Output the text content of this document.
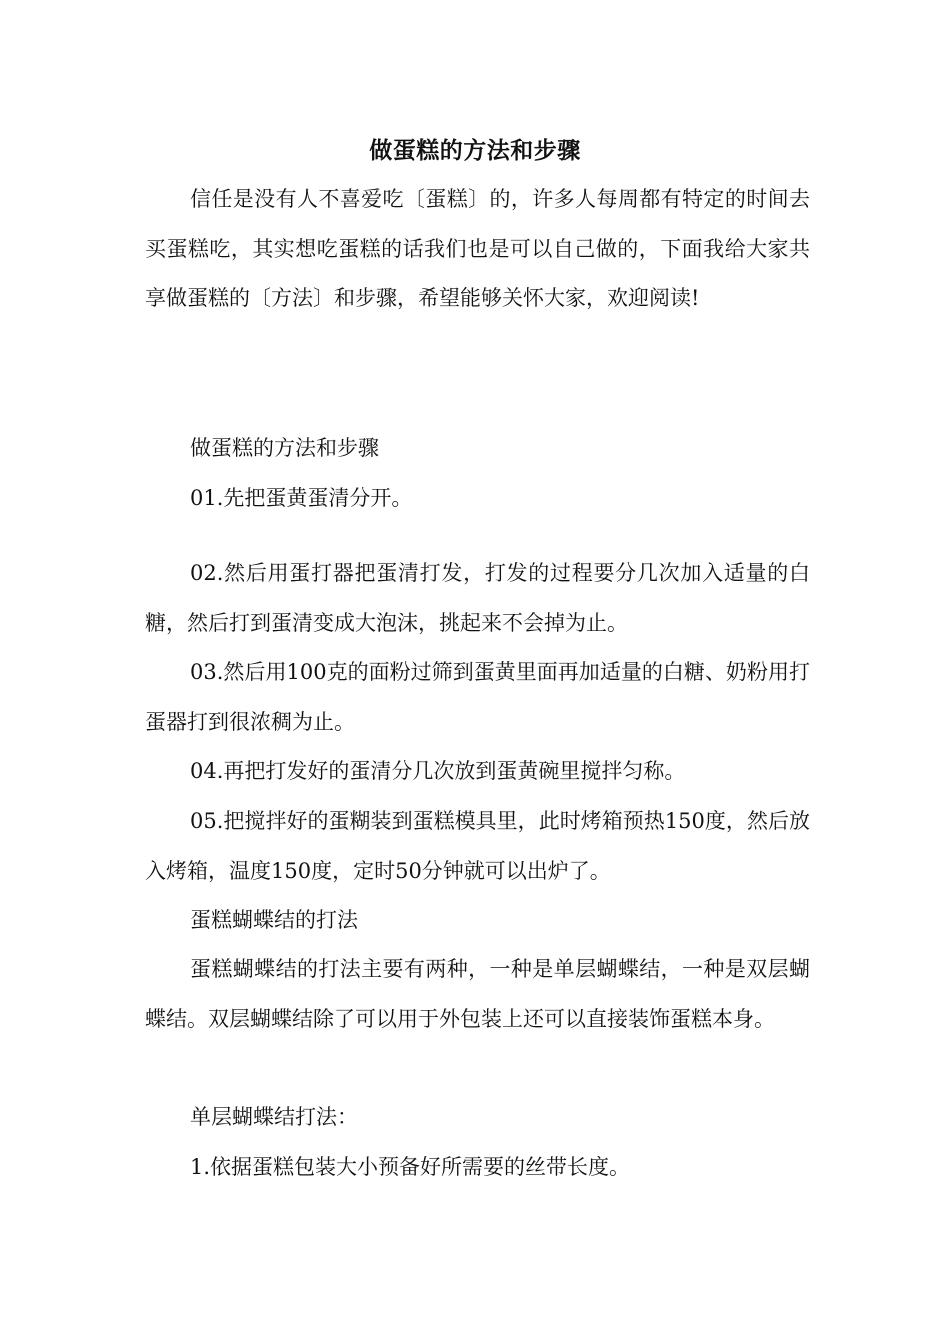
做蛋糕的方法和步骤

信任是没有人不喜爱吃〔蛋糕〕的，许多人每周都有特定的时间去买蛋糕吃，其实想吃蛋糕的话我们也是可以自己做的，下面我给大家共享做蛋糕的〔方法〕和步骤，希望能够关怀大家，欢迎阅读!

做蛋糕的方法和步骤

01.先把蛋黄蛋清分开。

02.然后用蛋打器把蛋清打发，打发的过程要分几次加入适量的白糖，然后打到蛋清变成大泡沫，挑起来不会掉为止。

03.然后用100克的面粉过筛到蛋黄里面再加适量的白糖、奶粉用打蛋器打到很浓稠为止。

04.再把打发好的蛋清分几次放到蛋黄碗里搅拌匀称。

05.把搅拌好的蛋糊装到蛋糕模具里，此时烤箱预热150度，然后放入烤箱，温度150度，定时50分钟就可以出炉了。

蛋糕蝴蝶结的打法

蛋糕蝴蝶结的打法主要有两种，一种是单层蝴蝶结，一种是双层蝴蝶结。双层蝴蝶结除了可以用于外包装上还可以直接装饰蛋糕本身。

单层蝴蝶结打法：

1.依据蛋糕包装大小预备好所需要的丝带长度。
